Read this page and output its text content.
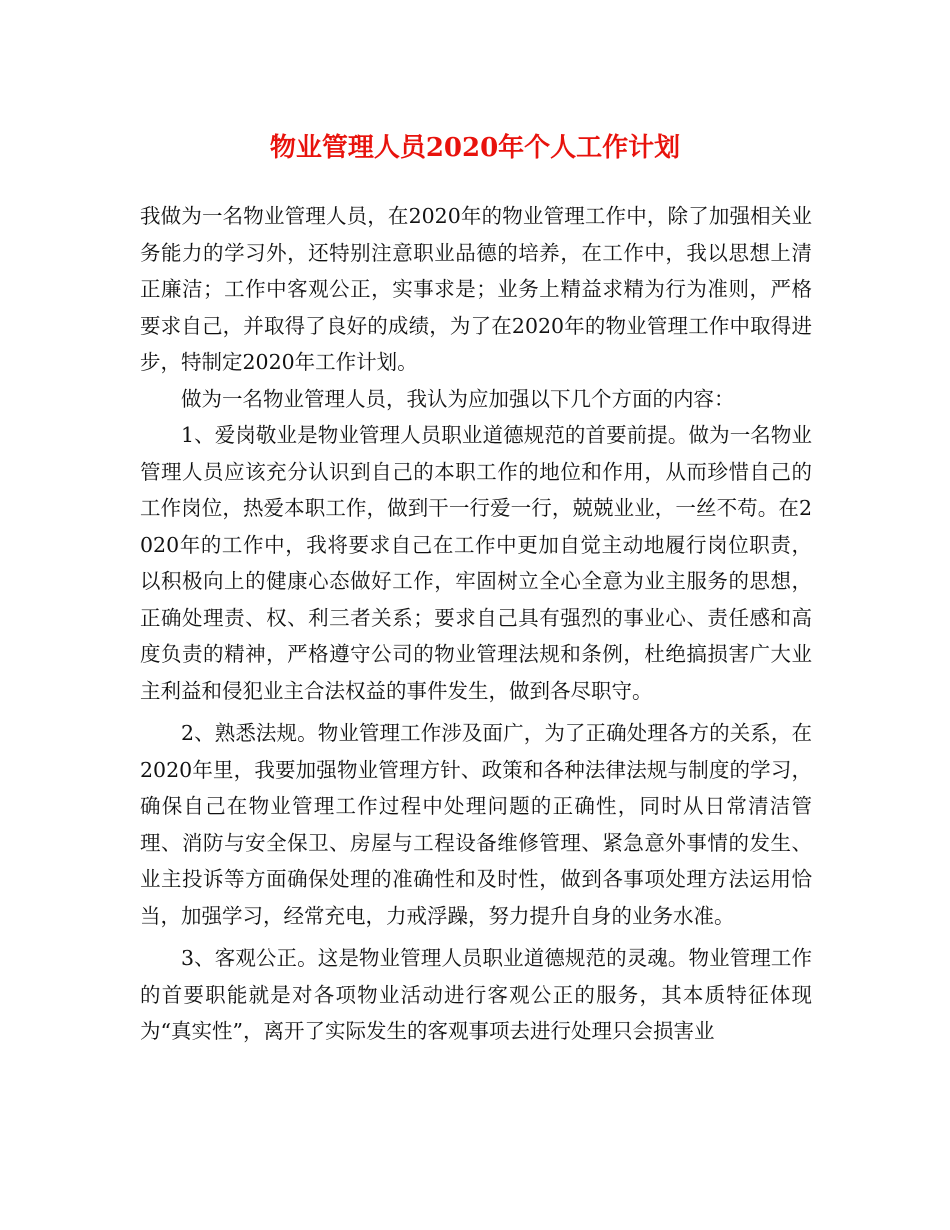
物业管理人员2020年个人工作计划

我做为一名物业管理人员，在2020年的物业管理工作中，除了加强相关业务能力的学习外，还特别注意职业品德的培养，在工作中，我以思想上清正廉洁；工作中客观公正，实事求是；业务上精益求精为行为准则，严格要求自己，并取得了良好的成绩，为了在2020年的物业管理工作中取得进步，特制定2020年工作计划。

做为一名物业管理人员，我认为应加强以下几个方面的内容：

1、爱岗敬业是物业管理人员职业道德规范的首要前提。做为一名物业管理人员应该充分认识到自己的本职工作的地位和作用，从而珍惜自己的工作岗位，热爱本职工作，做到干一行爱一行，兢兢业业，一丝不苟。在2020年的工作中，我将要求自己在工作中更加自觉主动地履行岗位职责，以积极向上的健康心态做好工作，牢固树立全心全意为业主服务的思想，正确处理责、权、利三者关系；要求自己具有强烈的事业心、责任感和高度负责的精神，严格遵守公司的物业管理法规和条例，杜绝搞损害广大业主利益和侵犯业主合法权益的事件发生，做到各尽职守。

2、熟悉法规。物业管理工作涉及面广，为了正确处理各方的关系，在2020年里，我要加强物业管理方针、政策和各种法律法规与制度的学习，确保自己在物业管理工作过程中处理问题的正确性，同时从日常清洁管理、消防与安全保卫、房屋与工程设备维修管理、紧急意外事情的发生、业主投诉等方面确保处理的准确性和及时性，做到各事项处理方法运用恰当，加强学习，经常充电，力戒浮躁，努力提升自身的业务水准。

3、客观公正。这是物业管理人员职业道德规范的灵魂。物业管理工作的首要职能就是对各项物业活动进行客观公正的服务，其本质特征体现为“真实性”，离开了实际发生的客观事项去进行处理只会损害业
